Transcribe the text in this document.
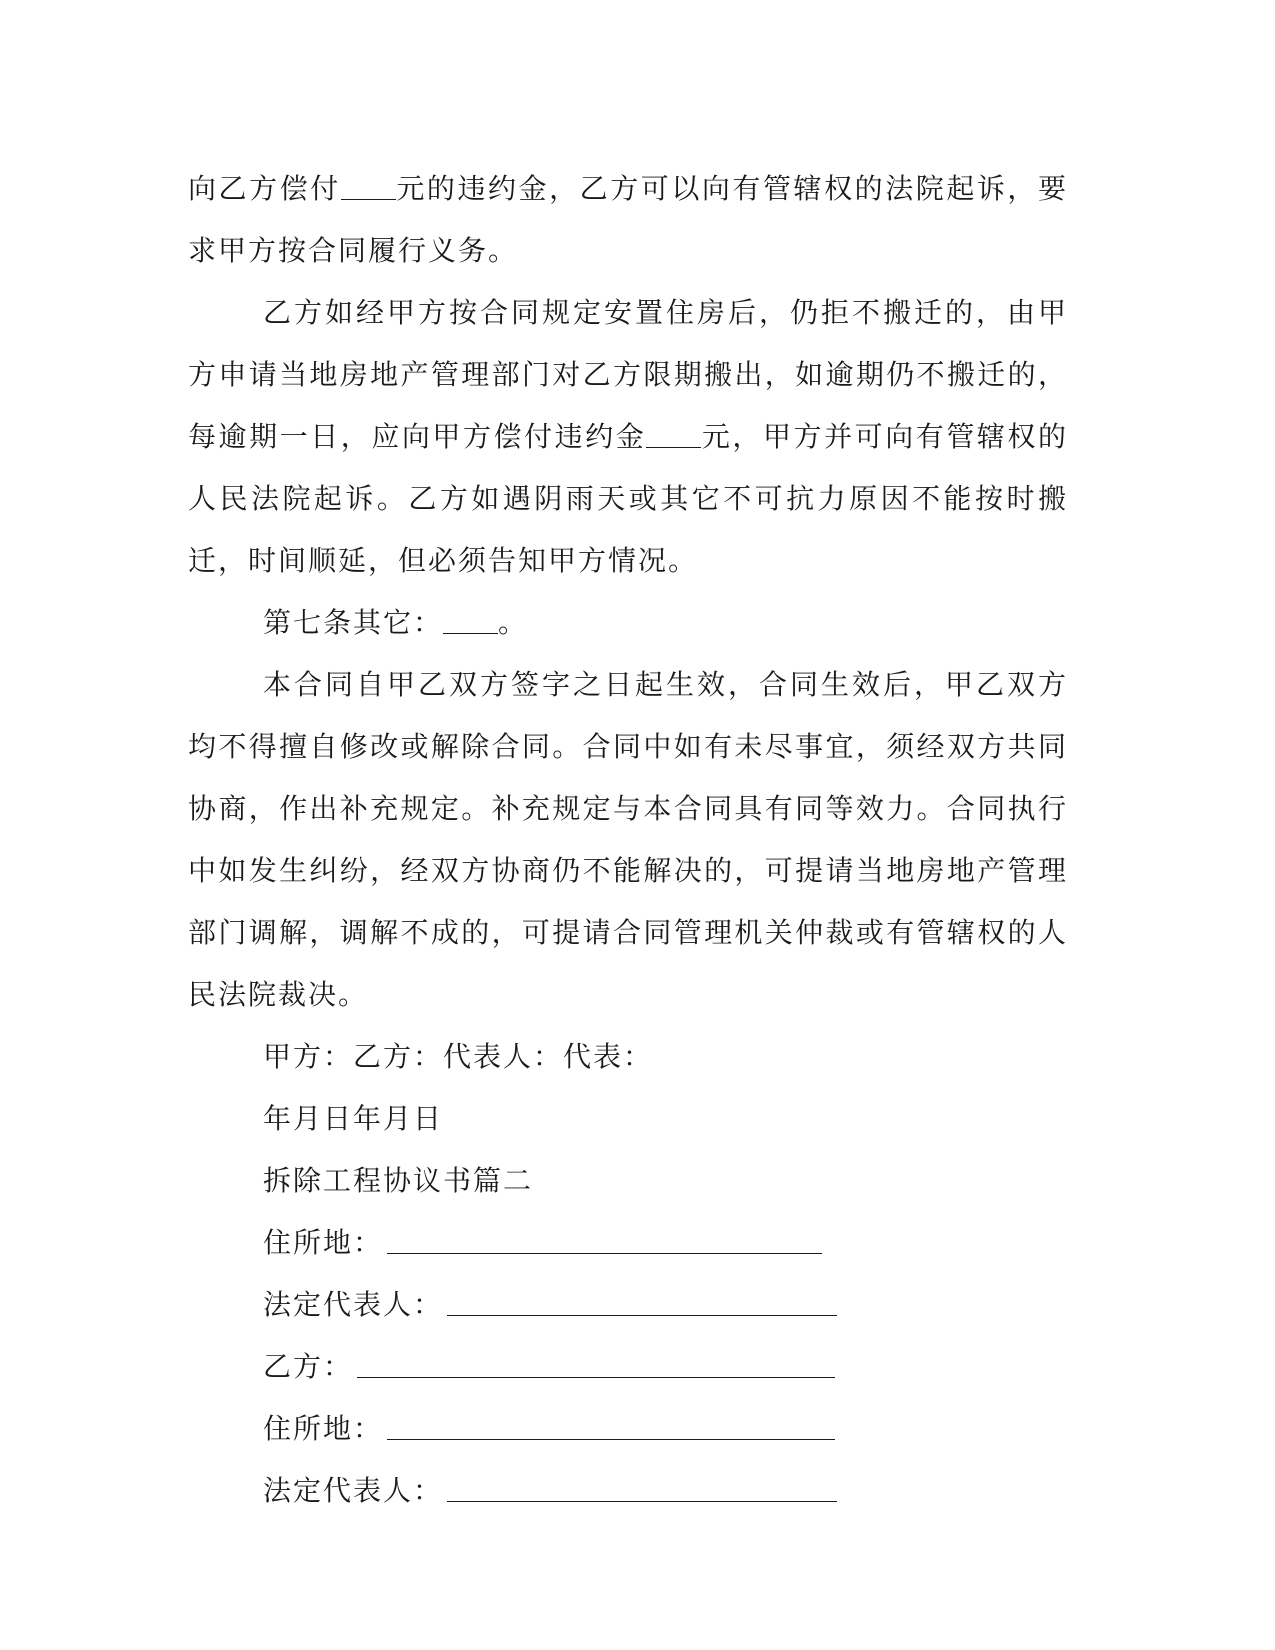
向乙方偿付 元的违约金，乙方可以向有管辖权的法院起诉，要求甲方按合同履行义务。

乙方如经甲方按合同规定安置住房后，仍拒不搬迁的，由甲方申请当地房地产管理部门对乙方限期搬出，如逾期仍不搬迁的，每逾期一日，应向甲方偿付违约金 元，甲方并可向有管辖权的人民法院起诉。乙方如遇阴雨天或其它不可抗力原因不能按时搬迁，时间顺延，但必须告知甲方情况。

第七条其它： 。

本合同自甲乙双方签字之日起生效，合同生效后，甲乙双方均不得擅自修改或解除合同。合同中如有未尽事宜，须经双方共同协商，作出补充规定。补充规定与本合同具有同等效力。合同执行中如发生纠纷，经双方协商仍不能解决的，可提请当地房地产管理部门调解，调解不成的，可提请合同管理机关仲裁或有管辖权的人民法院裁决。

甲方：乙方：代表人：代表：

年月日年月日

拆除工程协议书篇二

住所地：

法定代表人：

乙方：

住所地：

法定代表人：
